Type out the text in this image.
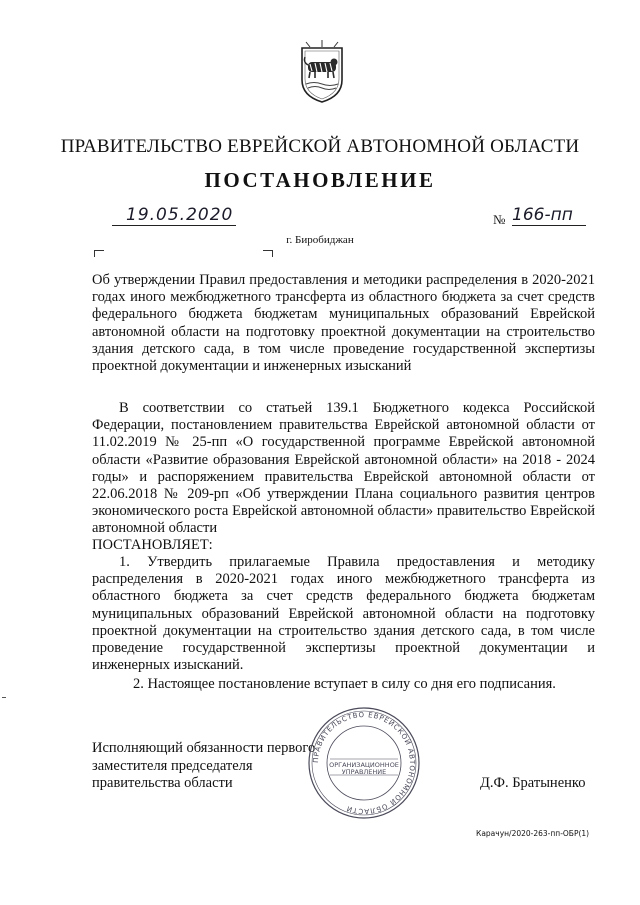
ПРАВИТЕЛЬСТВО ЕВРЕЙСКОЙ АВТОНОМНОЙ ОБЛАСТИ
ПОСТАНОВЛЕНИЕ
19.05.2020	№ 166-пп
г. Биробиджан
Об утверждении Правил предоставления и методики распределения в 2020-2021 годах иного межбюджетного трансферта из областного бюджета за счет средств федерального бюджета бюджетам муниципальных образований Еврейской автономной области на подготовку проектной документации на строительство здания детского сада, в том числе проведение государственной экспертизы проектной документации и инженерных изысканий
В соответствии со статьей 139.1 Бюджетного кодекса Российской Федерации, постановлением правительства Еврейской автономной области от 11.02.2019 № 25-пп «О государственной программе Еврейской автономной области «Развитие образования Еврейской автономной области» на 2018 - 2024 годы» и распоряжением правительства Еврейской автономной области от 22.06.2018 № 209-рп «Об утверждении Плана социального развития центров экономического роста Еврейской автономной области» правительство Еврейской автономной области
ПОСТАНОВЛЯЕТ:
1. Утвердить прилагаемые Правила предоставления и методику распределения в 2020-2021 годах иного межбюджетного трансферта из областного бюджета за счет средств федерального бюджета бюджетам муниципальных образований Еврейской автономной области на подготовку проектной документации на строительство здания детского сада, в том числе проведение государственной экспертизы проектной документации и инженерных изысканий.
2. Настоящее постановление вступает в силу со дня его подписания.
Исполняющий обязанности первого заместителя председателя правительства области	Д.Ф. Братыненко
ПРАВИТЕЛЬСТВО ЕВРЕЙСКОЙ АВТОНОМНОЙ ОБЛАСТИ
ОРГАНИЗАЦИОННОЕ
УПРАВЛЕНИЕ
Карачун/2020-263-пп-ОБР(1)
